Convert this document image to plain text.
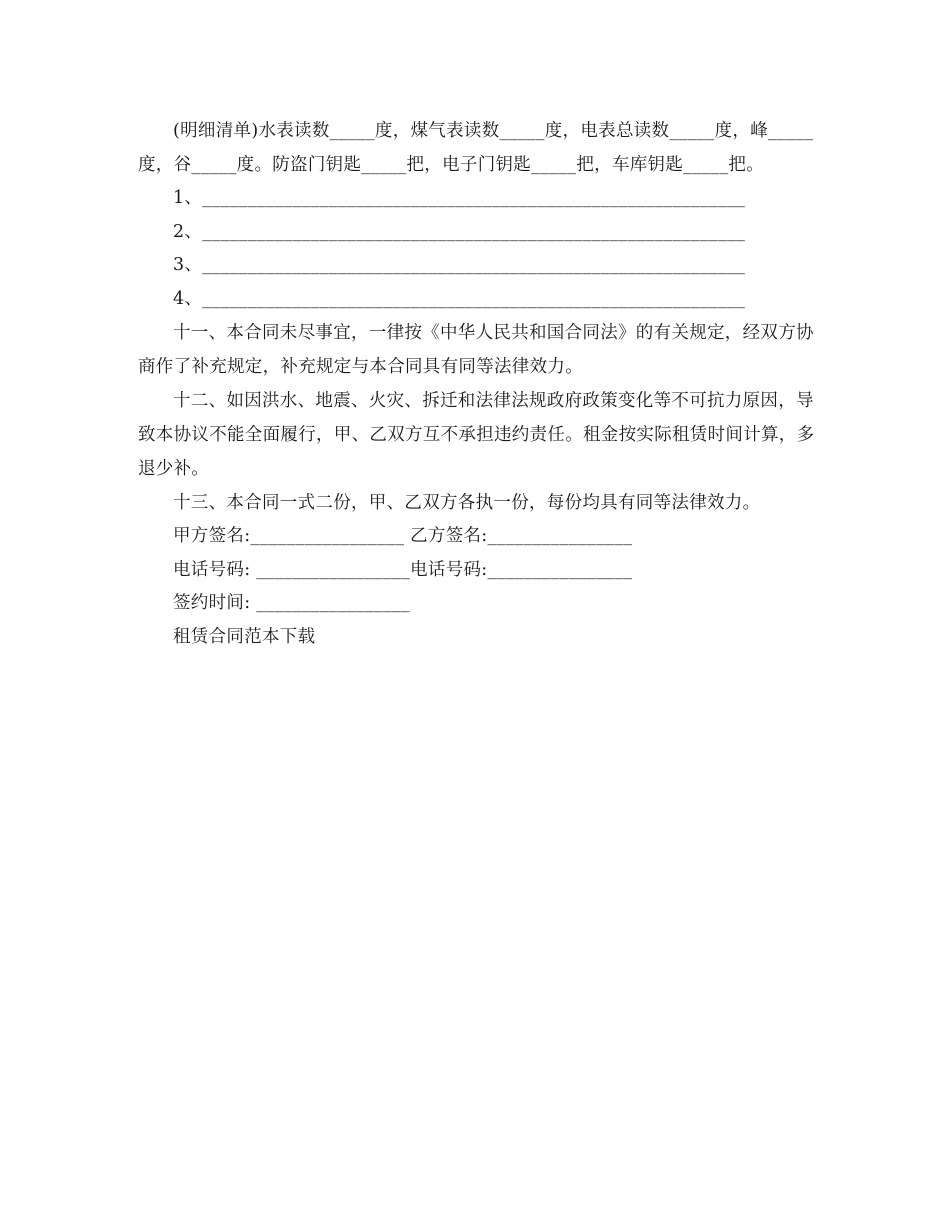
(明细清单)水表读数_____度，煤气表读数_____度，电表总读数_____度，峰_____度，谷_____度。防盗门钥匙_____把，电子门钥匙_____把，车库钥匙_____把。

1、____________________________________________________________

2、____________________________________________________________

3、____________________________________________________________

4、____________________________________________________________

十一、本合同未尽事宜，一律按《中华人民共和国合同法》的有关规定，经双方协商作了补充规定，补充规定与本合同具有同等法律效力。

十二、如因洪水、地震、火灾、拆迁和法律法规政府政策变化等不可抗力原因，导致本协议不能全面履行，甲、乙双方互不承担违约责任。租金按实际租赁时间计算，多退少补。

十三、本合同一式二份，甲、乙双方各执一份，每份均具有同等法律效力。

甲方签名:_________________ 乙方签名:________________

电话号码: _________________电话号码:________________

签约时间: _________________

租赁合同范本下载
